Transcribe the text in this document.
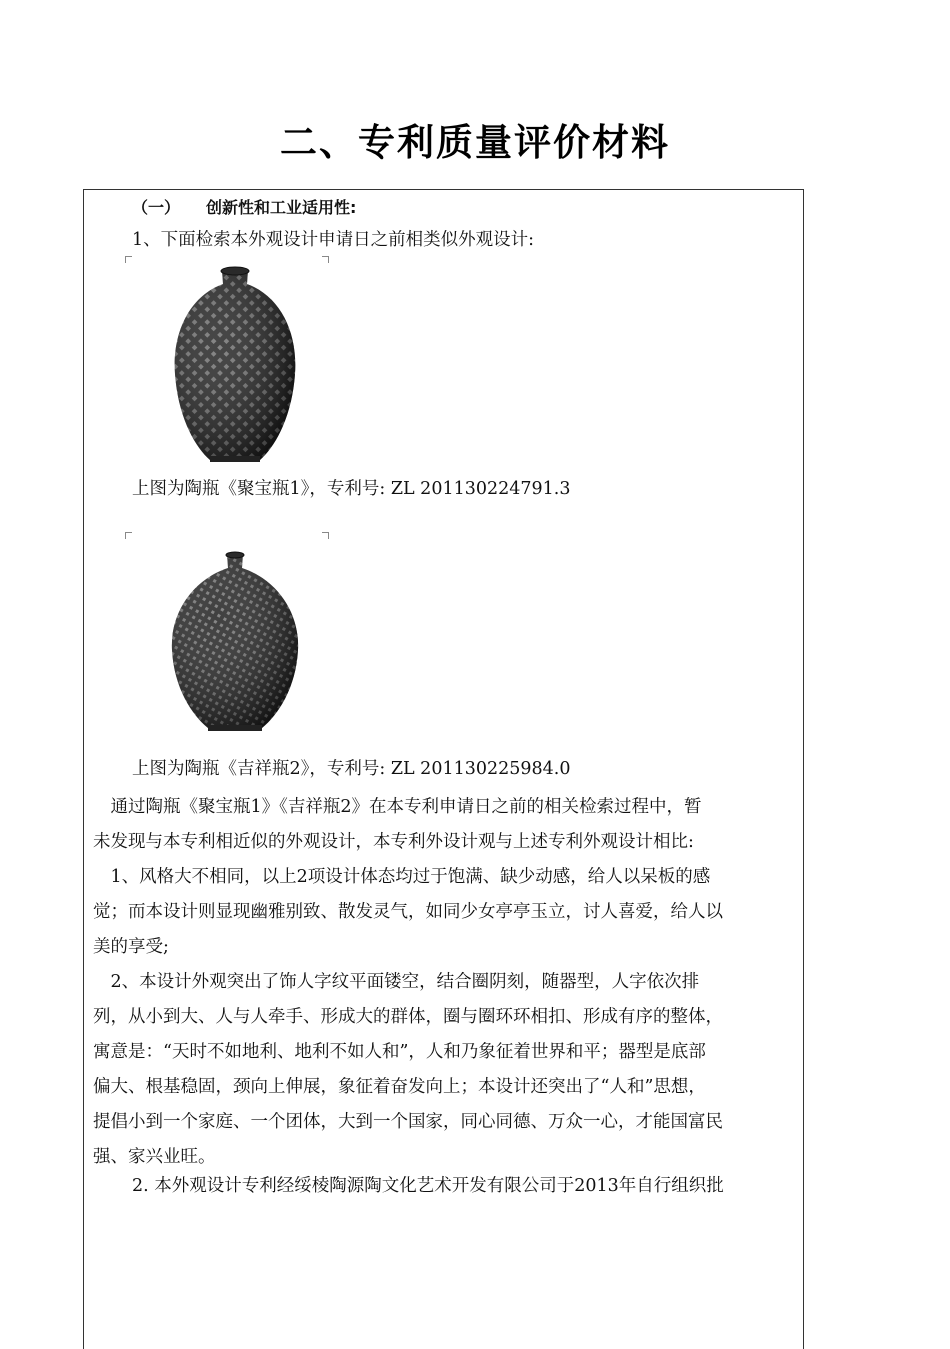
二、专利质量评价材料
（一） 创新性和工业适用性:
1、下面检索本外观设计申请日之前相类似外观设计:
上图为陶瓶《聚宝瓶1》，专利号: ZL 201130224791.3
上图为陶瓶《吉祥瓶2》，专利号: ZL 201130225984.0
　通过陶瓶《聚宝瓶1》《吉祥瓶2》在本专利申请日之前的相关检索过程中，暂
未发现与本专利相近似的外观设计，本专利外设计观与上述专利外观设计相比:
　1、风格大不相同，以上2项设计体态均过于饱满、缺少动感，给人以呆板的感
觉；而本设计则显现幽雅别致、散发灵气，如同少女亭亭玉立，讨人喜爱，给人以
美的享受;
　2、本设计外观突出了饰人字纹平面镂空，结合圈阴刻，随器型，人字依次排
列，从小到大、人与人牵手、形成大的群体，圈与圈环环相扣、形成有序的整体，
寓意是：“天时不如地利、地利不如人和”，人和乃象征着世界和平；器型是底部
偏大、根基稳固，颈向上伸展，象征着奋发向上；本设计还突出了“人和”思想，
提倡小到一个家庭、一个团体，大到一个国家，同心同德、万众一心，才能国富民
强、家兴业旺。
2. 本外观设计专利经绥棱陶源陶文化艺术开发有限公司于2013年自行组织批
